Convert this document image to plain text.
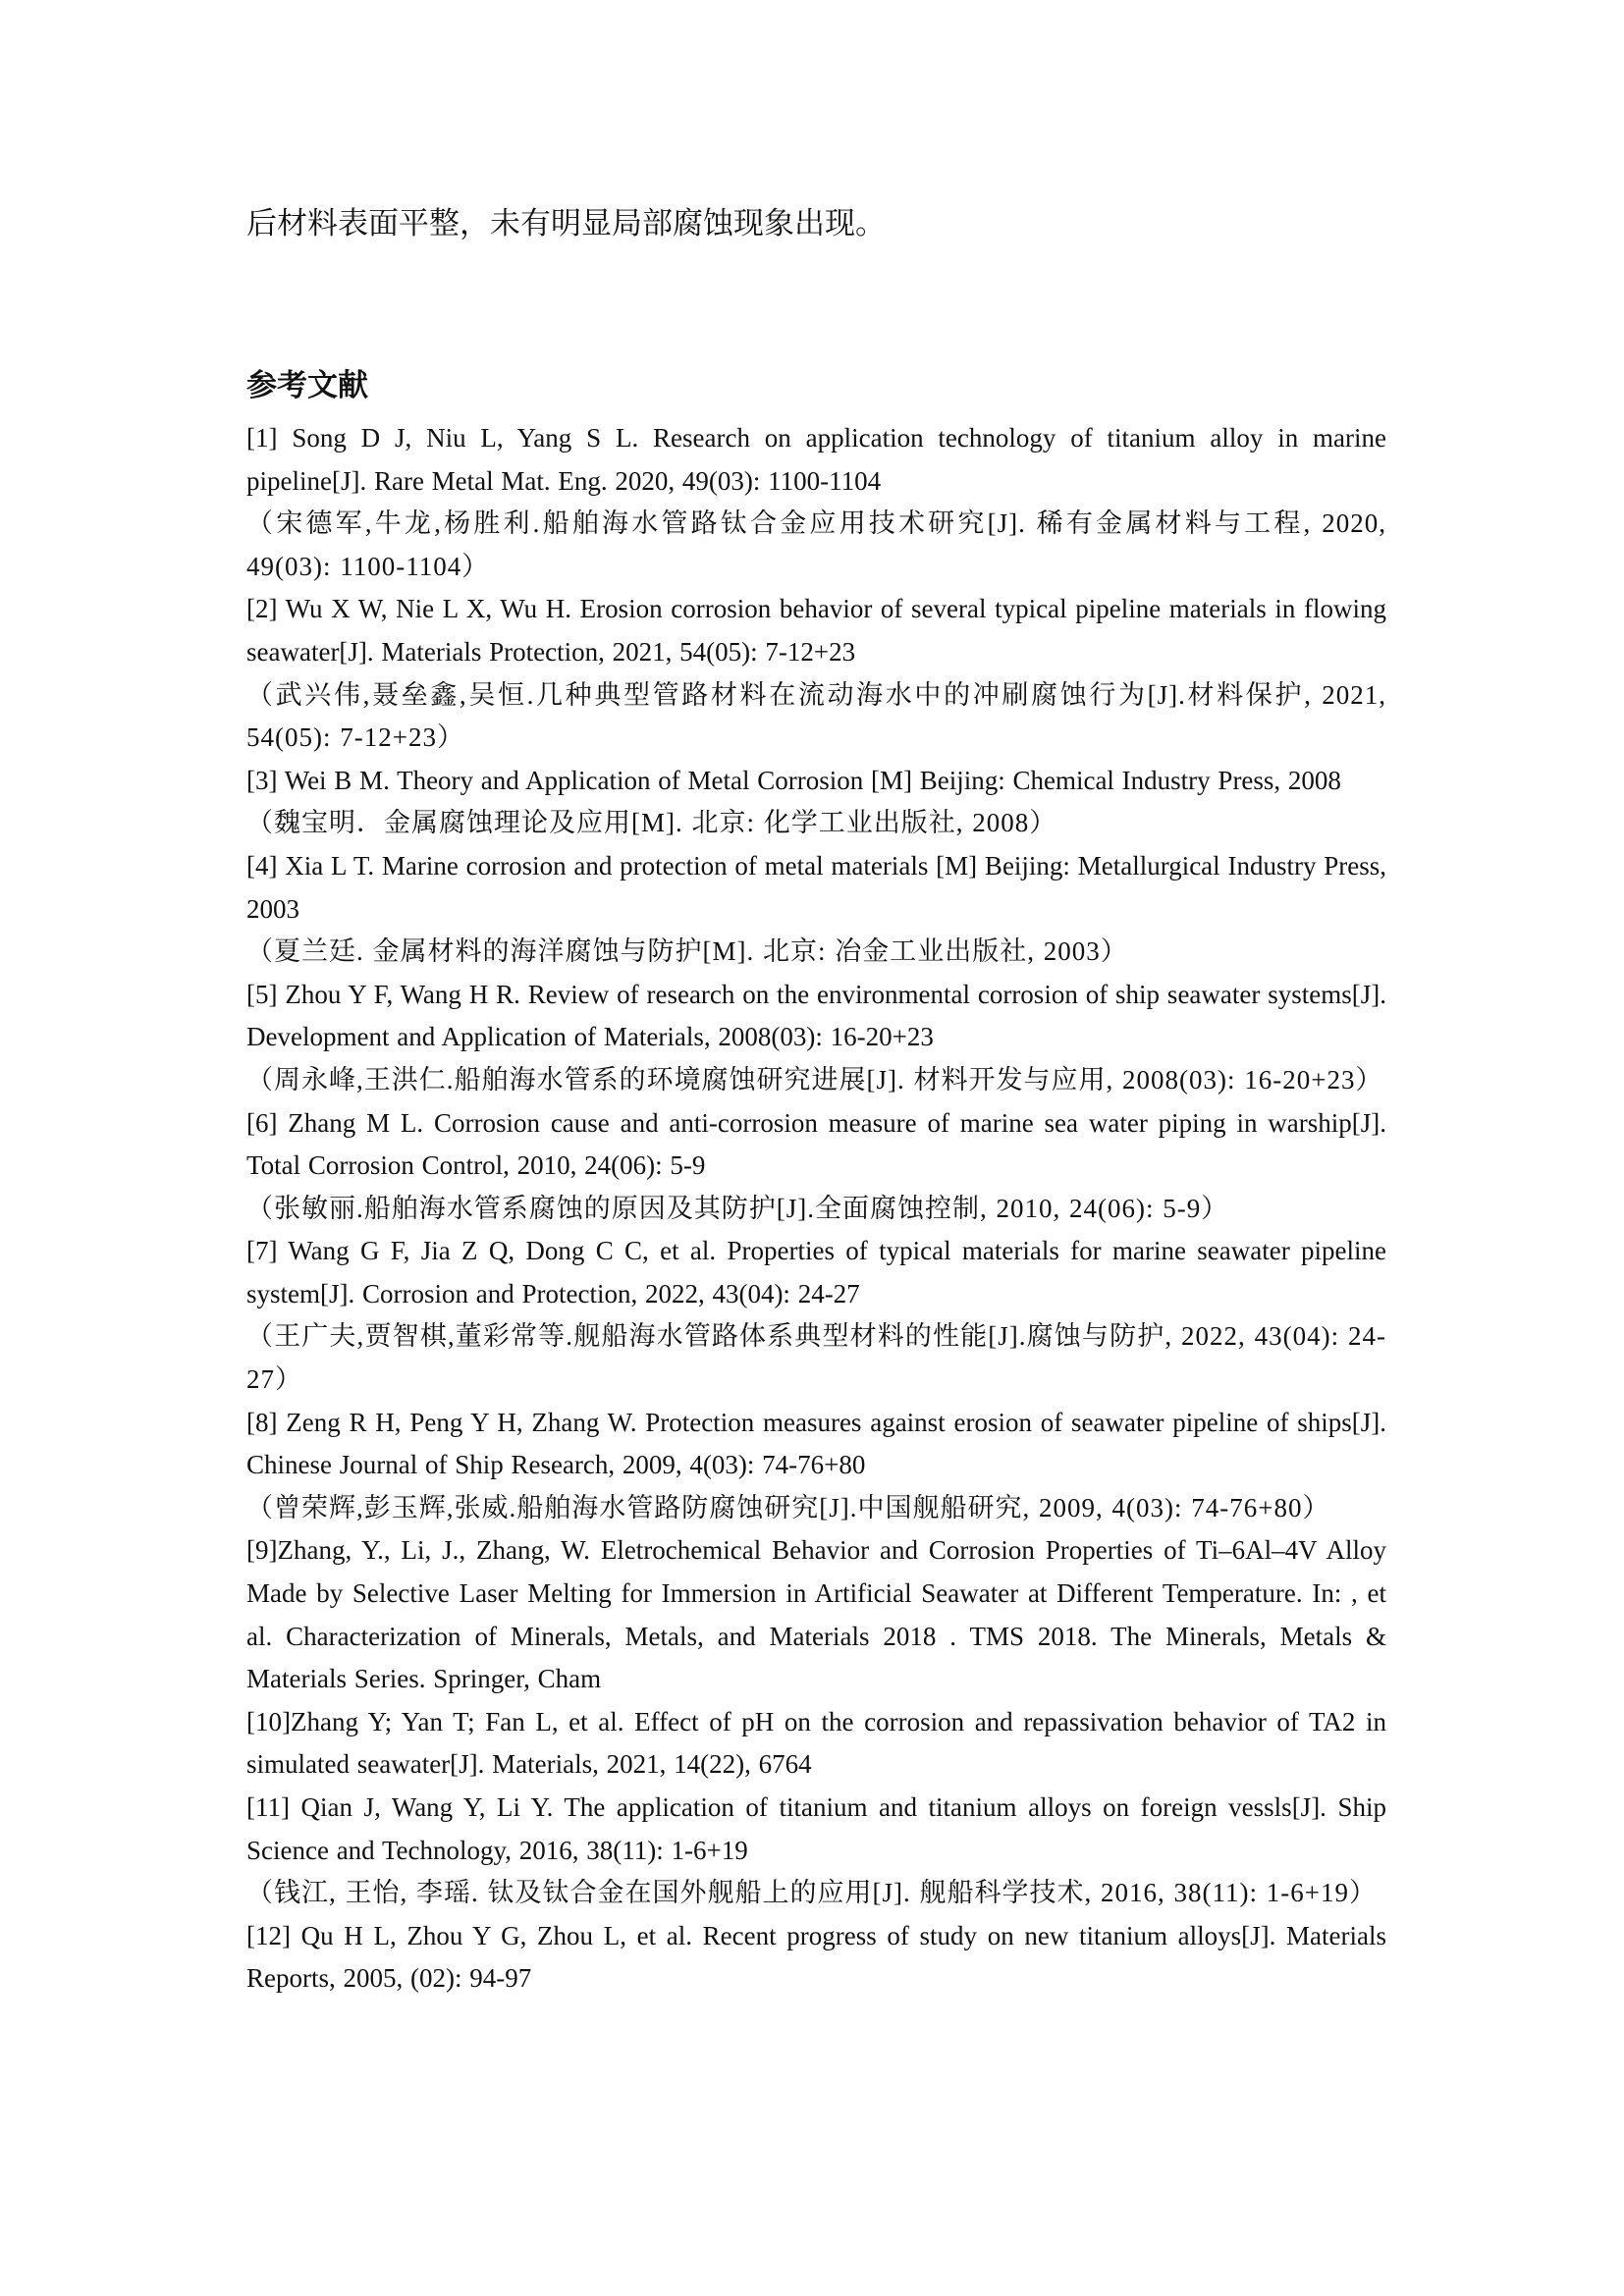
后材料表面平整，未有明显局部腐蚀现象出现。

参考文献

[1] Song D J, Niu L, Yang S L. Research on application technology of titanium alloy in marine pipeline[J]. Rare Metal Mat. Eng. 2020, 49(03): 1100-1104

（宋德军,牛龙,杨胜利.船舶海水管路钛合金应用技术研究[J]. 稀有金属材料与工程, 2020, 49(03): 1100-1104）

[2] Wu X W, Nie L X, Wu H. Erosion corrosion behavior of several typical pipeline materials in flowing seawater[J]. Materials Protection, 2021, 54(05): 7-12+23

（武兴伟,聂垒鑫,吴恒.几种典型管路材料在流动海水中的冲刷腐蚀行为[J].材料保护, 2021, 54(05): 7-12+23）

[3] Wei B M. Theory and Application of Metal Corrosion [M] Beijing: Chemical Industry Press, 2008

（魏宝明．金属腐蚀理论及应用[M]. 北京: 化学工业出版社, 2008）

[4] Xia L T. Marine corrosion and protection of metal materials [M] Beijing: Metallurgical Industry Press, 2003

（夏兰廷. 金属材料的海洋腐蚀与防护[M]. 北京: 冶金工业出版社, 2003）

[5] Zhou Y F, Wang H R. Review of research on the environmental corrosion of ship seawater systems[J]. Development and Application of Materials, 2008(03): 16-20+23

（周永峰,王洪仁.船舶海水管系的环境腐蚀研究进展[J]. 材料开发与应用, 2008(03): 16-20+23）

[6] Zhang M L. Corrosion cause and anti-corrosion measure of marine sea water piping in warship[J]. Total Corrosion Control, 2010, 24(06): 5-9

（张敏丽.船舶海水管系腐蚀的原因及其防护[J].全面腐蚀控制, 2010, 24(06): 5-9）

[7] Wang G F, Jia Z Q, Dong C C, et al. Properties of typical materials for marine seawater pipeline system[J]. Corrosion and Protection, 2022, 43(04): 24-27

（王广夫,贾智棋,董彩常等.舰船海水管路体系典型材料的性能[J].腐蚀与防护, 2022, 43(04): 24-27）

[8] Zeng R H, Peng Y H, Zhang W. Protection measures against erosion of seawater pipeline of ships[J]. Chinese Journal of Ship Research, 2009, 4(03): 74-76+80

（曾荣辉,彭玉辉,张威.船舶海水管路防腐蚀研究[J].中国舰船研究, 2009, 4(03): 74-76+80）

[9]Zhang, Y., Li, J., Zhang, W. Eletrochemical Behavior and Corrosion Properties of Ti–6Al–4V Alloy Made by Selective Laser Melting for Immersion in Artificial Seawater at Different Temperature. In: , et al. Characterization of Minerals, Metals, and Materials 2018 . TMS 2018. The Minerals, Metals & Materials Series. Springer, Cham

[10]Zhang Y; Yan T; Fan L, et al. Effect of pH on the corrosion and repassivation behavior of TA2 in simulated seawater[J]. Materials, 2021, 14(22), 6764

[11] Qian J, Wang Y, Li Y. The application of titanium and titanium alloys on foreign vessls[J]. Ship Science and Technology, 2016, 38(11): 1-6+19

（钱江, 王怡, 李瑶. 钛及钛合金在国外舰船上的应用[J]. 舰船科学技术, 2016, 38(11): 1-6+19）

[12] Qu H L, Zhou Y G, Zhou L, et al. Recent progress of study on new titanium alloys[J]. Materials Reports, 2005, (02): 94-97
